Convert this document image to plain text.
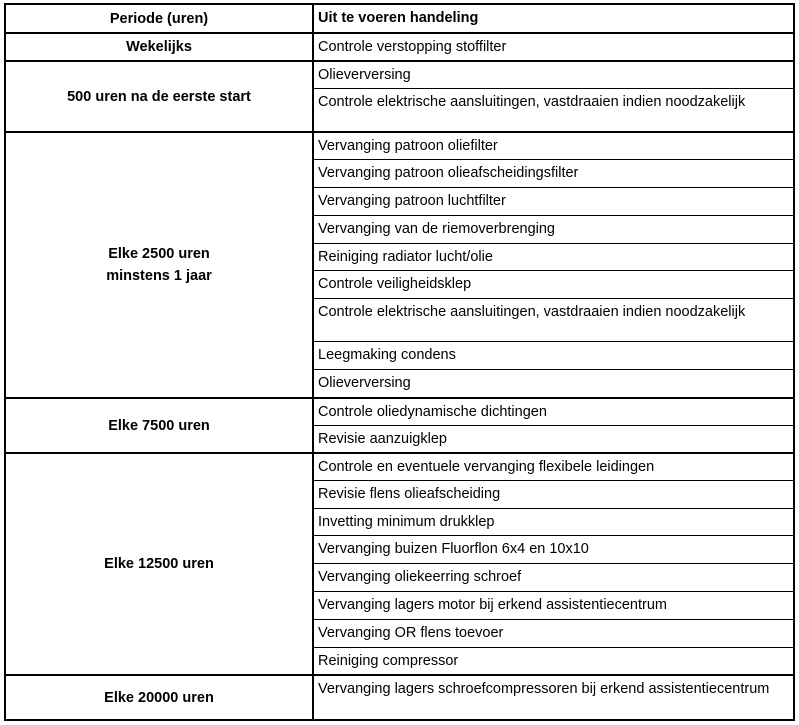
Periode (uren)	Uit te voeren handeling
Wekelijks	Controle verstopping stoffilter
500 uren na de eerste start
Olieverversing
Controle elektrische aansluitingen, vastdraaien indien noodzakelijk
Elke 2500 uren
minstens 1 jaar
Vervanging patroon oliefilter
Vervanging patroon olieafscheidingsfilter
Vervanging patroon luchtfilter
Vervanging van de riemoverbrenging
Reiniging radiator lucht/olie
Controle veiligheidsklep
Controle elektrische aansluitingen, vastdraaien indien noodzakelijk
Leegmaking condens
Olieverversing
Elke 7500 uren
Controle oliedynamische dichtingen
Revisie aanzuigklep
Elke 12500 uren
Controle en eventuele vervanging flexibele leidingen
Revisie flens olieafscheiding
Invetting minimum drukklep
Vervanging buizen Fluorflon 6x4 en 10x10
Vervanging oliekeerring schroef
Vervanging lagers motor bij erkend assistentiecentrum
Vervanging OR flens toevoer
Reiniging compressor
Elke 20000 uren
Vervanging lagers schroefcompressoren bij erkend assistentiecentrum
